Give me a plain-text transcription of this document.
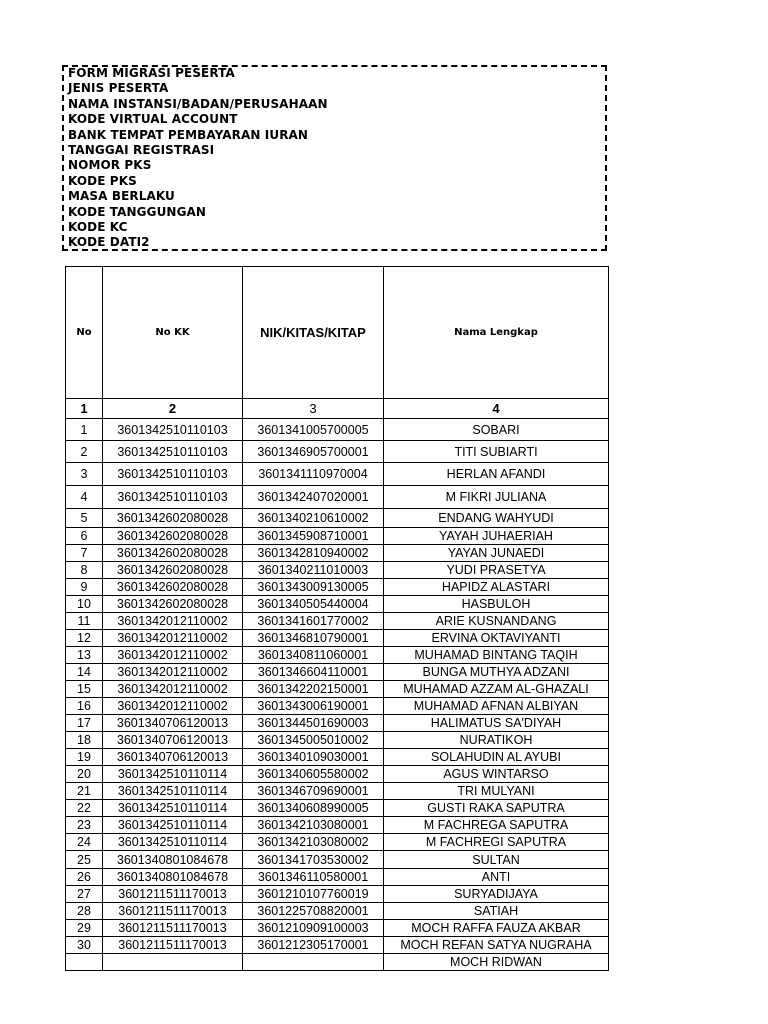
FORM MIGRASI PESERTA
JENIS PESERTA
NAMA INSTANSI/BADAN/PERUSAHAAN
KODE VIRTUAL ACCOUNT
BANK TEMPAT PEMBAYARAN IURAN
TANGGAI REGISTRASI
NOMOR PKS
KODE PKS
MASA BERLAKU
KODE TANGGUNGAN
KODE KC
KODE DATI2
No	No KK	NIK/KITAS/KITAP	Nama Lengkap
1	2	3	4
1	3601342510110103	3601341005700005	SOBARI
2	3601342510110103	3601346905700001	TITI SUBIARTI
3	3601342510110103	3601341110970004	HERLAN AFANDI
4	3601342510110103	3601342407020001	M FIKRI JULIANA
5	3601342602080028	3601340210610002	ENDANG WAHYUDI
6	3601342602080028	3601345908710001	YAYAH JUHAERIAH
7	3601342602080028	3601342810940002	YAYAN JUNAEDI
8	3601342602080028	3601340211010003	YUDI PRASETYA
9	3601342602080028	3601343009130005	HAPIDZ ALASTARI
10	3601342602080028	3601340505440004	HASBULOH
11	3601342012110002	3601341601770002	ARIE KUSNANDANG
12	3601342012110002	3601346810790001	ERVINA OKTAVIYANTI
13	3601342012110002	3601340811060001	MUHAMAD BINTANG TAQIH
14	3601342012110002	3601346604110001	BUNGA MUTHYA ADZANI
15	3601342012110002	3601342202150001	MUHAMAD AZZAM AL-GHAZALI
16	3601342012110002	3601343006190001	MUHAMAD AFNAN ALBIYAN
17	3601340706120013	3601344501690003	HALIMATUS SA'DIYAH
18	3601340706120013	3601345005010002	NURATIKOH
19	3601340706120013	3601340109030001	SOLAHUDIN AL AYUBI
20	3601342510110114	3601340605580002	AGUS WINTARSO
21	3601342510110114	3601346709690001	TRI MULYANI
22	3601342510110114	3601340608990005	GUSTI RAKA SAPUTRA
23	3601342510110114	3601342103080001	M FACHREGA SAPUTRA
24	3601342510110114	3601342103080002	M FACHREGI SAPUTRA
25	3601340801084678	3601341703530002	SULTAN
26	3601340801084678	3601346110580001	ANTI
27	3601211511170013	3601210107760019	SURYADIJAYA
28	3601211511170013	3601225708820001	SATIAH
29	3601211511170013	3601210909100003	MOCH RAFFA FAUZA AKBAR
30	3601211511170013	3601212305170001	MOCH REFAN SATYA NUGRAHA
			MOCH RIDWAN
